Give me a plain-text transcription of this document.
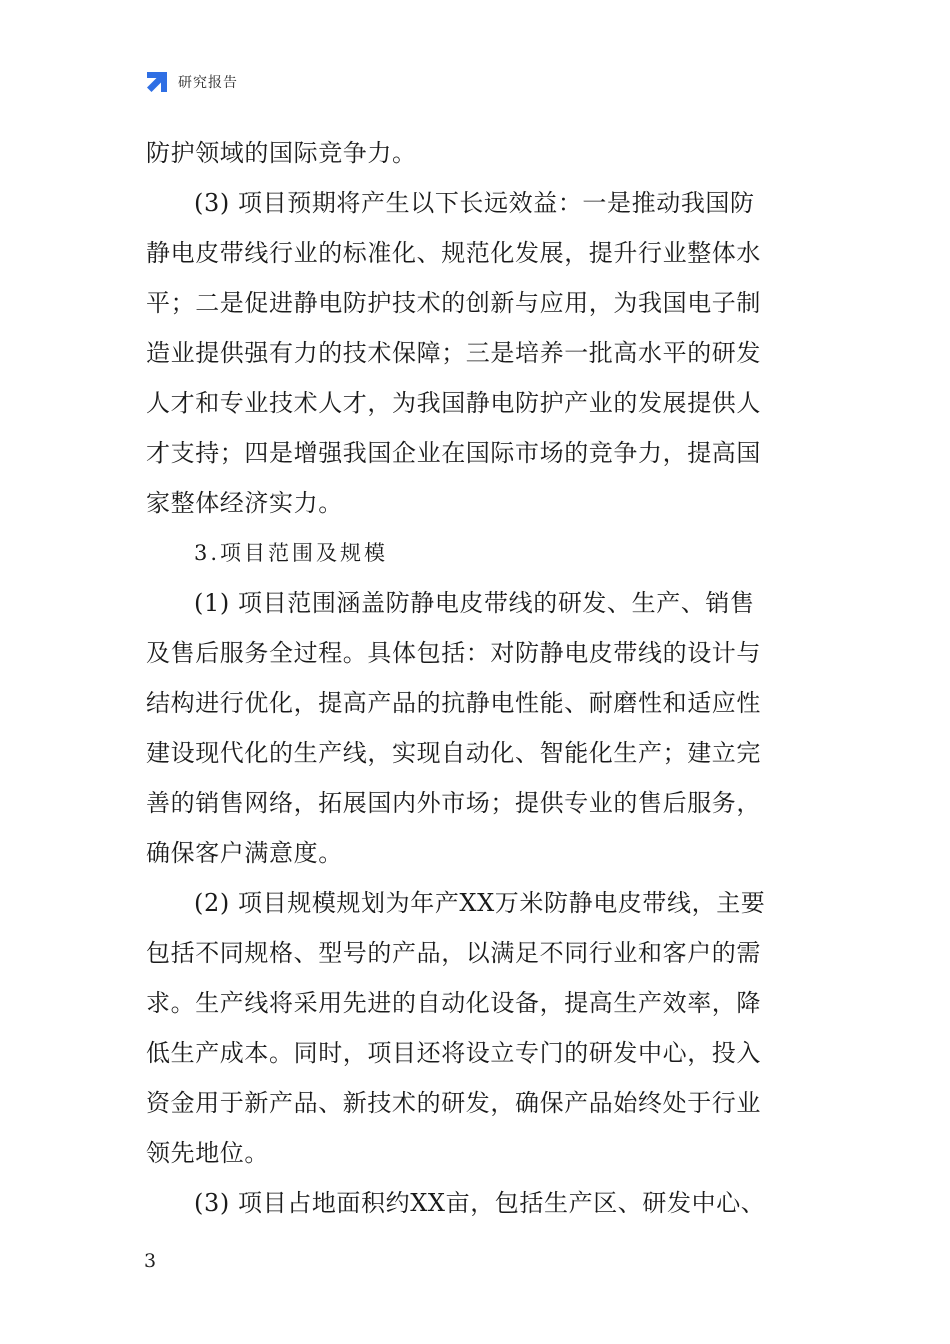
研究报告
防护领域的国际竞争力。
(3) 项目预期将产生以下长远效益：一是推动我国防
静电皮带线行业的标准化、规范化发展，提升行业整体水
平；二是促进静电防护技术的创新与应用，为我国电子制
造业提供强有力的技术保障；三是培养一批高水平的研发
人才和专业技术人才，为我国静电防护产业的发展提供人
才支持；四是增强我国企业在国际市场的竞争力，提高国
家整体经济实力。
3.项目范围及规模
(1) 项目范围涵盖防静电皮带线的研发、生产、销售
及售后服务全过程。具体包括：对防静电皮带线的设计与
结构进行优化，提高产品的抗静电性能、耐磨性和适应性
建设现代化的生产线，实现自动化、智能化生产；建立完
善的销售网络，拓展国内外市场；提供专业的售后服务，
确保客户满意度。
(2) 项目规模规划为年产XX万米防静电皮带线，主要
包括不同规格、型号的产品，以满足不同行业和客户的需
求。生产线将采用先进的自动化设备，提高生产效率，降
低生产成本。同时，项目还将设立专门的研发中心，投入
资金用于新产品、新技术的研发，确保产品始终处于行业
领先地位。
(3) 项目占地面积约XX亩，包括生产区、研发中心、
3
